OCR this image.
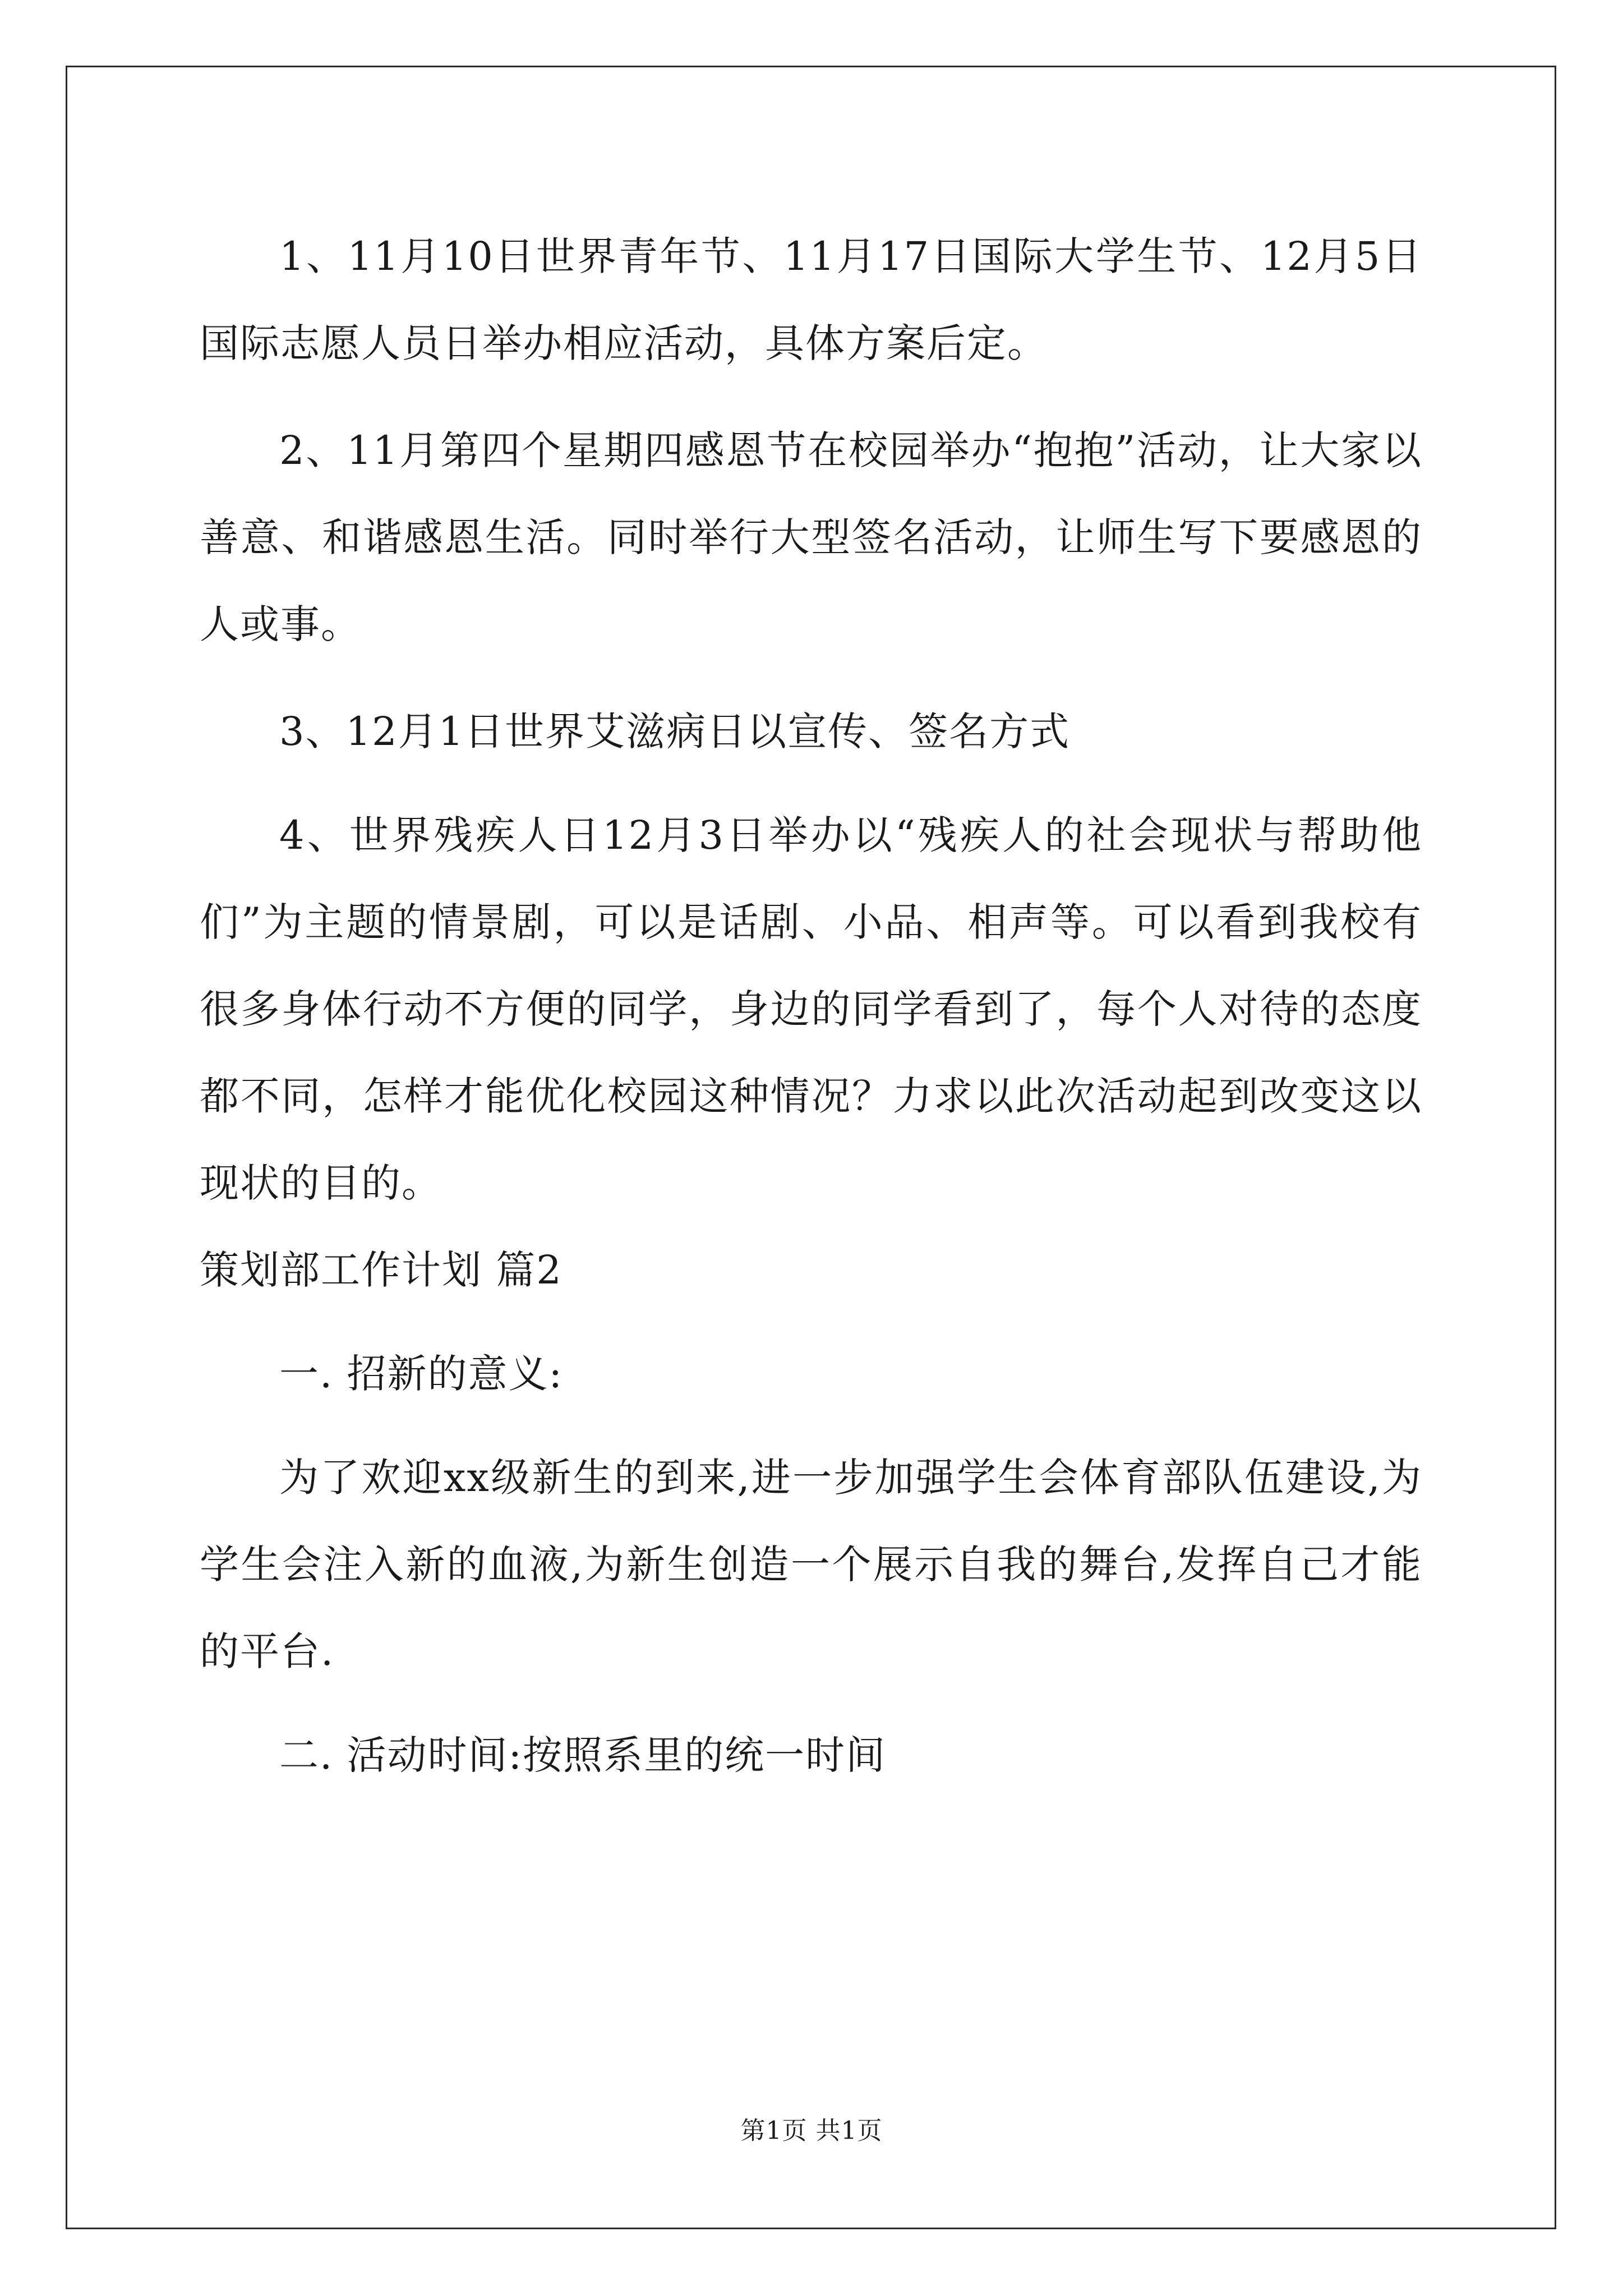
1、11月10日世界青年节、11月17日国际大学生节、12月5日国际志愿人员日举办相应活动，具体方案后定。

2、11月第四个星期四感恩节在校园举办“抱抱”活动，让大家以善意、和谐感恩生活。同时举行大型签名活动，让师生写下要感恩的人或事。

3、12月1日世界艾滋病日以宣传、签名方式

4、世界残疾人日12月3日举办以“残疾人的社会现状与帮助他们”为主题的情景剧，可以是话剧、小品、相声等。可以看到我校有很多身体行动不方便的同学，身边的同学看到了，每个人对待的态度都不同，怎样才能优化校园这种情况？力求以此次活动起到改变这以现状的目的。

策划部工作计划 篇2

一. 招新的意义:

为了欢迎xx级新生的到来,进一步加强学生会体育部队伍建设,为学生会注入新的血液,为新生创造一个展示自我的舞台,发挥自己才能的平台.

二. 活动时间:按照系里的统一时间

第1页 共1页
